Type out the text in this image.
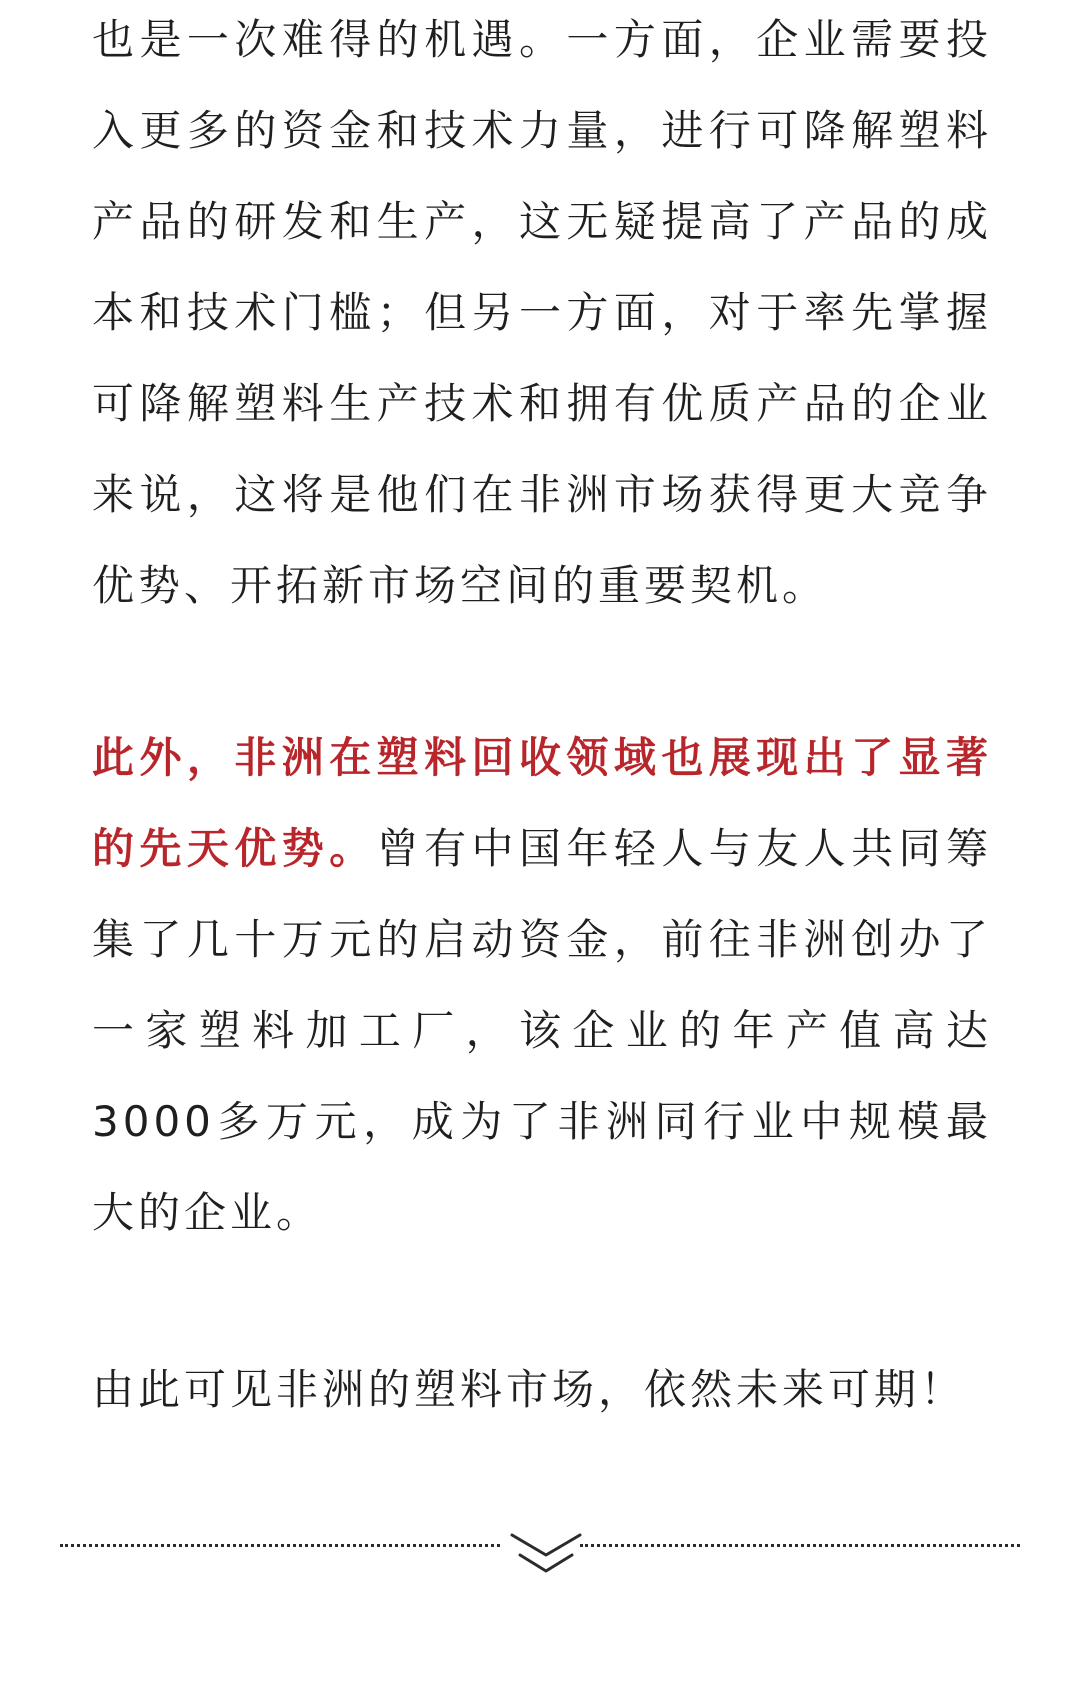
也是一次难得的机遇。一方面，企业需要投入更多的资金和技术力量，进行可降解塑料产品的研发和生产，这无疑提高了产品的成本和技术门槛；但另一方面，对于率先掌握可降解塑料生产技术和拥有优质产品的企业来说，这将是他们在非洲市场获得更大竞争优势、开拓新市场空间的重要契机。

此外，非洲在塑料回收领域也展现出了显著的先天优势。曾有中国年轻人与友人共同筹集了几十万元的启动资金，前往非洲创办了一家塑料加工厂，该企业的年产值高达3000多万元，成为了非洲同行业中规模最大的企业。

由此可见非洲的塑料市场，依然未来可期！
